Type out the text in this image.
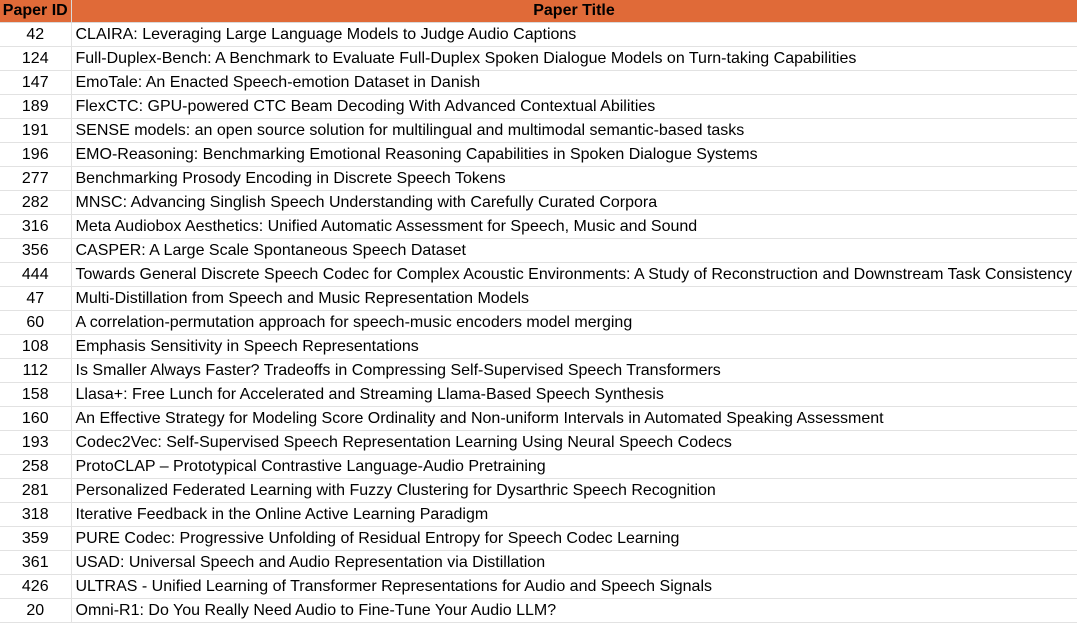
Paper ID	Paper Title
42	CLAIRA: Leveraging Large Language Models to Judge Audio Captions
124	Full-Duplex-Bench: A Benchmark to Evaluate Full-Duplex Spoken Dialogue Models on Turn-taking Capabilities
147	EmoTale: An Enacted Speech-emotion Dataset in Danish
189	FlexCTC: GPU-powered CTC Beam Decoding With Advanced Contextual Abilities
191	SENSE models: an open source solution for multilingual and multimodal semantic-based tasks
196	EMO-Reasoning: Benchmarking Emotional Reasoning Capabilities in Spoken Dialogue Systems
277	Benchmarking Prosody Encoding in Discrete Speech Tokens
282	MNSC: Advancing Singlish Speech Understanding with Carefully Curated Corpora
316	Meta Audiobox Aesthetics: Unified Automatic Assessment for Speech, Music and Sound
356	CASPER: A Large Scale Spontaneous Speech Dataset
444	Towards General Discrete Speech Codec for Complex Acoustic Environments: A Study of Reconstruction and Downstream Task Consistency
47	Multi-Distillation from Speech and Music Representation Models
60	A correlation-permutation approach for speech-music encoders model merging
108	Emphasis Sensitivity in Speech Representations
112	Is Smaller Always Faster? Tradeoffs in Compressing Self-Supervised Speech Transformers
158	Llasa+: Free Lunch for Accelerated and Streaming Llama-Based Speech Synthesis
160	An Effective Strategy for Modeling Score Ordinality and Non-uniform Intervals in Automated Speaking Assessment
193	Codec2Vec: Self-Supervised Speech Representation Learning Using Neural Speech Codecs
258	ProtoCLAP – Prototypical Contrastive Language-Audio Pretraining
281	Personalized Federated Learning with Fuzzy Clustering for Dysarthric Speech Recognition
318	Iterative Feedback in the Online Active Learning Paradigm
359	PURE Codec: Progressive Unfolding of Residual Entropy for Speech Codec Learning
361	USAD: Universal Speech and Audio Representation via Distillation
426	ULTRAS - Unified Learning of Transformer Representations for Audio and Speech Signals
20	Omni-R1: Do You Really Need Audio to Fine-Tune Your Audio LLM?
